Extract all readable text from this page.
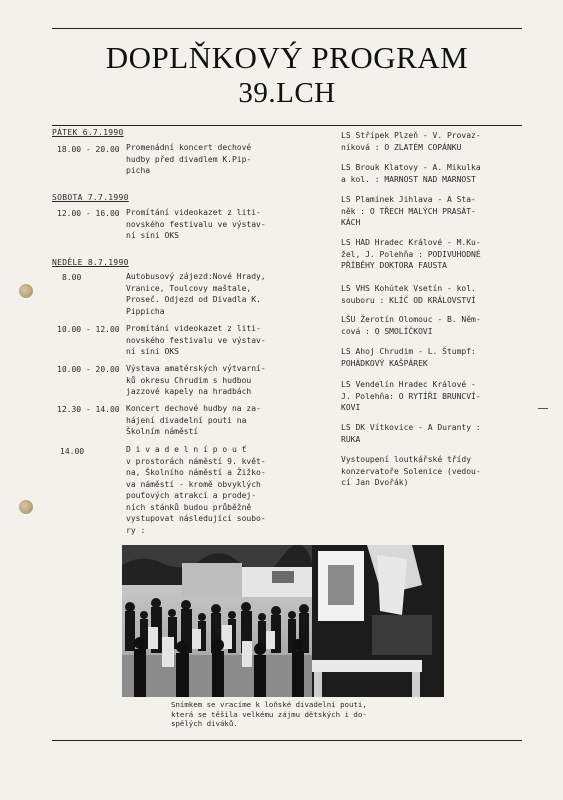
DOPLŇKOVÝ PROGRAM
39.LCH
PÁTEK 6.7.1990
18.00 - 20.00 Promenádní koncert dechové
hudby před divadlem K.Pip-
picha
SOBOTA 7.7.1990
12.00 - 16.00 Promítání videokazet z liti-
novského festivalu ve výstav-
ní síni OKS
NEDĚLE 8.7.1990
8.00	Autobusový zájezd:Nové Hrady,
Vranice, Toulcovy maštale,
Proseč. Odjezd od Divadla K.
Pippicha
10.00 - 12.00 Promítání videokazet z liti-
novského festivalu ve výstav-
ní síni OKS
10.00 - 20.00 Výstava amatérských výtvarní-
ků okresu Chrudim s hudbou
jazzové kapely na hradbách
12.30 - 14.00 Koncert dechové hudby na za-
hájení divadelní pouti na
Školním náměstí
14.00	D i v a d e l n í p o u ť
v prostorách náměstí 9. květ-
na, Školního náměstí a Žižko-
va náměstí - kromě obvyklých
pouťových atrakcí a prodej-
ních stánků budou průběžně
vystupovat následující soubo-
ry :
LS Střípek Plzeň - V. Provaz-
níková : O ZLATÉM COPÁNKU
LS Brouk Klatovy - A. Mikulka
a kol. : MARNOST NAD MARNOST
LS Plamínek Jihlava - A Sta-
něk : O TŘECH MALÝCH PRASÁT-
KÁCH
LS HAD Hradec Králové - M.Ku-
žel, J. Polehňa : PODIVUHODNÉ
PŘÍBĚHY DOKTORA FAUSTA
LS VHS Kohútek Vsetín - kol.
souboru : KLÍČ OD KRÁLOVSTVÍ
LŠU Žerotín Olomouc - B. Něm-
cová : O SMOLÍČKOVI
LS Ahoj Chrudim - L. Štumpf:
POHÁDKOVÝ KAŠPÁREK
LS Vendelín Hradec Králové -
J. Polehňa: O RYTÍŘI BRUNCVÍ-
KOVI
LS DK Vítkovice - A Duranty :
RUKA
Vystoupení loutkářské třídy
konzervatoře Solenice (vedou-
cí Jan Dvořák)
Snímkem se vracíme k loňské divadelní pouti,
která se těšila velkému zájmu dětských i do-
spělých diváků.
